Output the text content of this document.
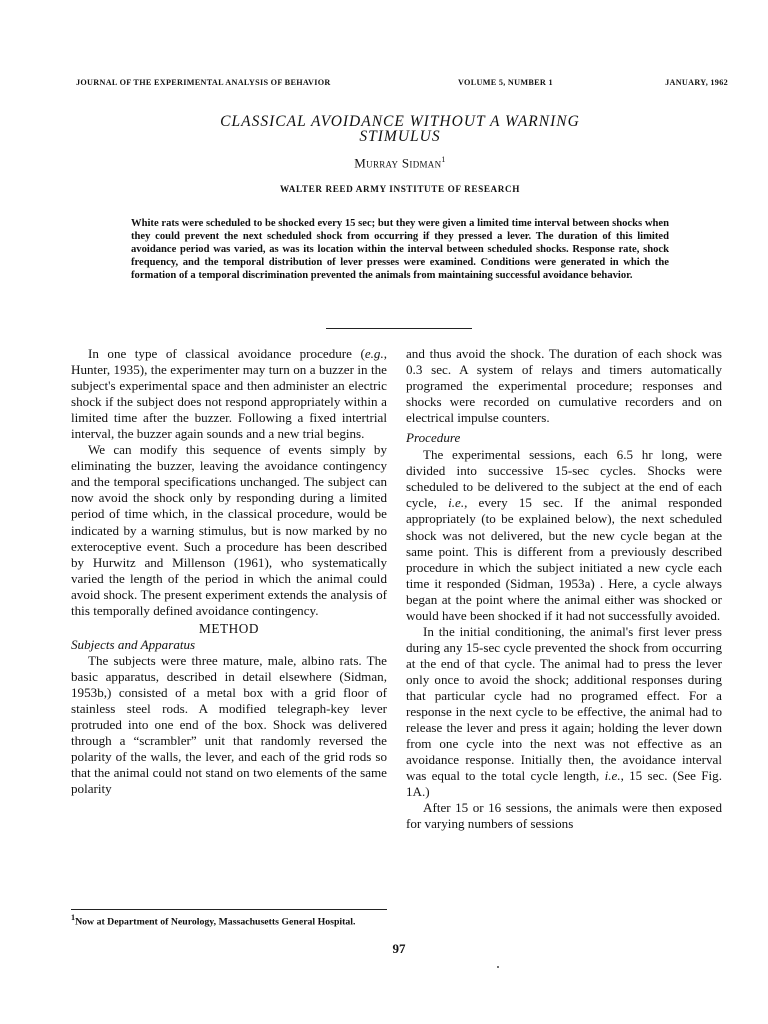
JOURNAL OF THE EXPERIMENTAL ANALYSIS OF BEHAVIOR	VOLUME 5, NUMBER 1	JANUARY, 1962
CLASSICAL AVOIDANCE WITHOUT A WARNING
STIMULUS
Murray Sidman$^1$
WALTER REED ARMY INSTITUTE OF RESEARCH
White rats were scheduled to be shocked every 15 sec; but they were given a limited time interval between shocks when they could prevent the next scheduled shock from occurring if they pressed a lever. The duration of this limited avoidance period was varied, as was its location within the interval between scheduled shocks. Response rate, shock frequency, and the temporal distribution of lever presses were examined. Conditions were generated in which the formation of a temporal discrimination prevented the animals from maintaining successful avoidance behavior.

In one type of classical avoidance procedure (e.g., Hunter, 1935), the experimenter may turn on a buzzer in the subject's experimental space and then administer an electric shock if the subject does not respond appropriately within a limited time after the buzzer. Following a fixed intertrial interval, the buzzer again sounds and a new trial begins.

We can modify this sequence of events simply by eliminating the buzzer, leaving the avoidance contingency and the temporal specifications unchanged. The subject can now avoid the shock only by responding during a limited period of time which, in the classical procedure, would be indicated by a warning stimulus, but is now marked by no exteroceptive event. Such a procedure has been described by Hurwitz and Millenson (1961), who systematically varied the length of the period in which the animal could avoid shock. The present experiment extends the analysis of this temporally defined avoidance contingency.

METHOD
Subjects and Apparatus

The subjects were three mature, male, albino rats. The basic apparatus, described in detail elsewhere (Sidman, 1953b,) consisted of a metal box with a grid floor of stainless steel rods. A modified telegraph-key lever protruded into one end of the box. Shock was delivered through a “scrambler” unit that randomly reversed the polarity of the walls, the lever, and each of the grid rods so that the animal could not stand on two elements of the same polarity

and thus avoid the shock. The duration of each shock was 0.3 sec. A system of relays and timers automatically programed the experimental procedure; responses and shocks were recorded on cumulative recorders and on electrical impulse counters.

Procedure

The experimental sessions, each 6.5 hr long, were divided into successive 15-sec cycles. Shocks were scheduled to be delivered to the subject at the end of each cycle, i.e., every 15 sec. If the animal responded appropriately (to be explained below), the next scheduled shock was not delivered, but the new cycle began at the same point. This is different from a previously described procedure in which the subject initiated a new cycle each time it responded (Sidman, 1953a) . Here, a cycle always began at the point where the animal either was shocked or would have been shocked if it had not successfully avoided.

In the initial conditioning, the animal's first lever press during any 15-sec cycle prevented the shock from occurring at the end of that cycle. The animal had to press the lever only once to avoid the shock; additional responses during that particular cycle had no programed effect. For a response in the next cycle to be effective, the animal had to release the lever and press it again; holding the lever down from one cycle into the next was not effective as an avoidance response. Initially then, the avoidance interval was equal to the total cycle length, i.e., 15 sec. (See Fig. 1A.)

After 15 or 16 sessions, the animals were then exposed for varying numbers of sessions

$^1$Now at Department of Neurology, Massachusetts General Hospital.
97
